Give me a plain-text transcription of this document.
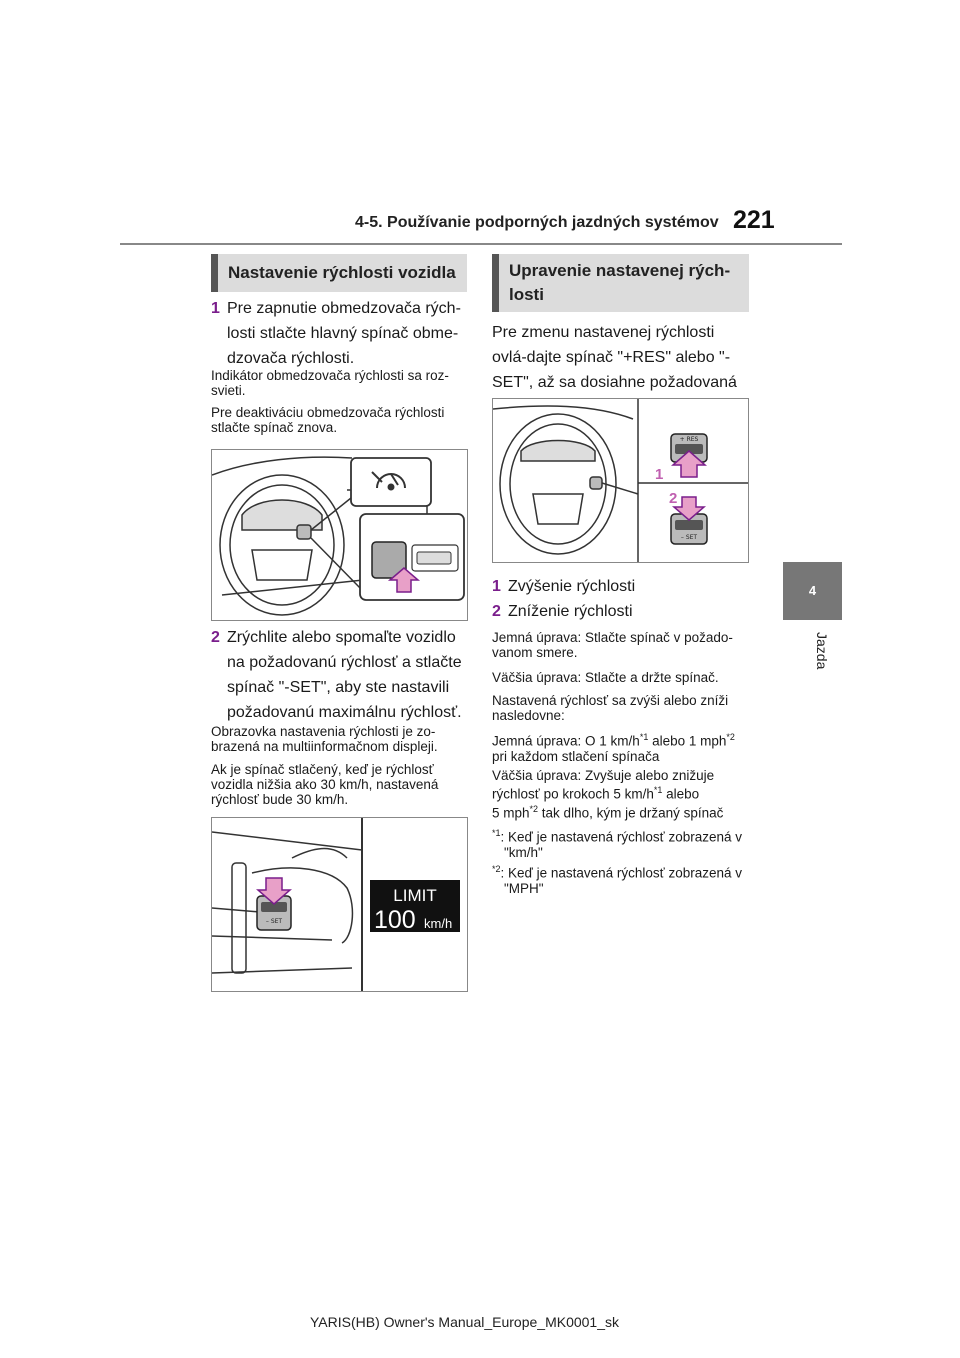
4-5. Používanie podporných jazdných systémov 221
4
Jazda
Nastavenie rýchlosti vozidla
1 Pre zapnutie obmedzovača rých-losti stlačte hlavný spínač obme-dzovača rýchlosti.
Indikátor obmedzovača rýchlosti sa roz-svieti.
Pre deaktiváciu obmedzovača rýchlosti stlačte spínač znova.
2 Zrýchlite alebo spomaľte vozidlo na požadovanú rýchlosť a stlačte spínač "-SET", aby ste nastavili požadovanú maximálnu rýchlosť.
Obrazovka nastavenia rýchlosti je zo-brazená na multiinformačnom displeji.
Ak je spínač stlačený, keď je rýchlosť vozidla nižšia ako 30 km/h, nastavená rýchlosť bude 30 km/h.
– SET
LIMIT
100 km/h
Upravenie nastavenej rých-losti
Pre zmenu nastavenej rýchlosti ovlá-dajte spínač "+RES" alebo "-SET", až sa dosiahne požadovaná
+ RES
1
2
– SET
1 Zvýšenie rýchlosti
2 Zníženie rýchlosti
Jemná úprava: Stlačte spínač v požado-vanom smere.
Väčšia úprava: Stlačte a držte spínač.
Nastavená rýchlosť sa zvýši alebo zníži nasledovne:
Jemná úprava: O 1 $km/h^{*1}$ alebo 1 mph$^{*2}$
pri každom stlačení spínača
Väčšia úprava: Zvyšuje alebo znižuje rýchlosť po krokoch 5 $km/h^{*1}$ alebo
5 mph$^{*2}$ tak dlho, kým je držaný spínač
$^{*1}$: Keď je nastavená rýchlosť zobrazená v "km/h"
$^{*2}$: Keď je nastavená rýchlosť zobrazená v "MPH"
YARIS(HB) Owner's Manual_Europe_MK0001_sk
